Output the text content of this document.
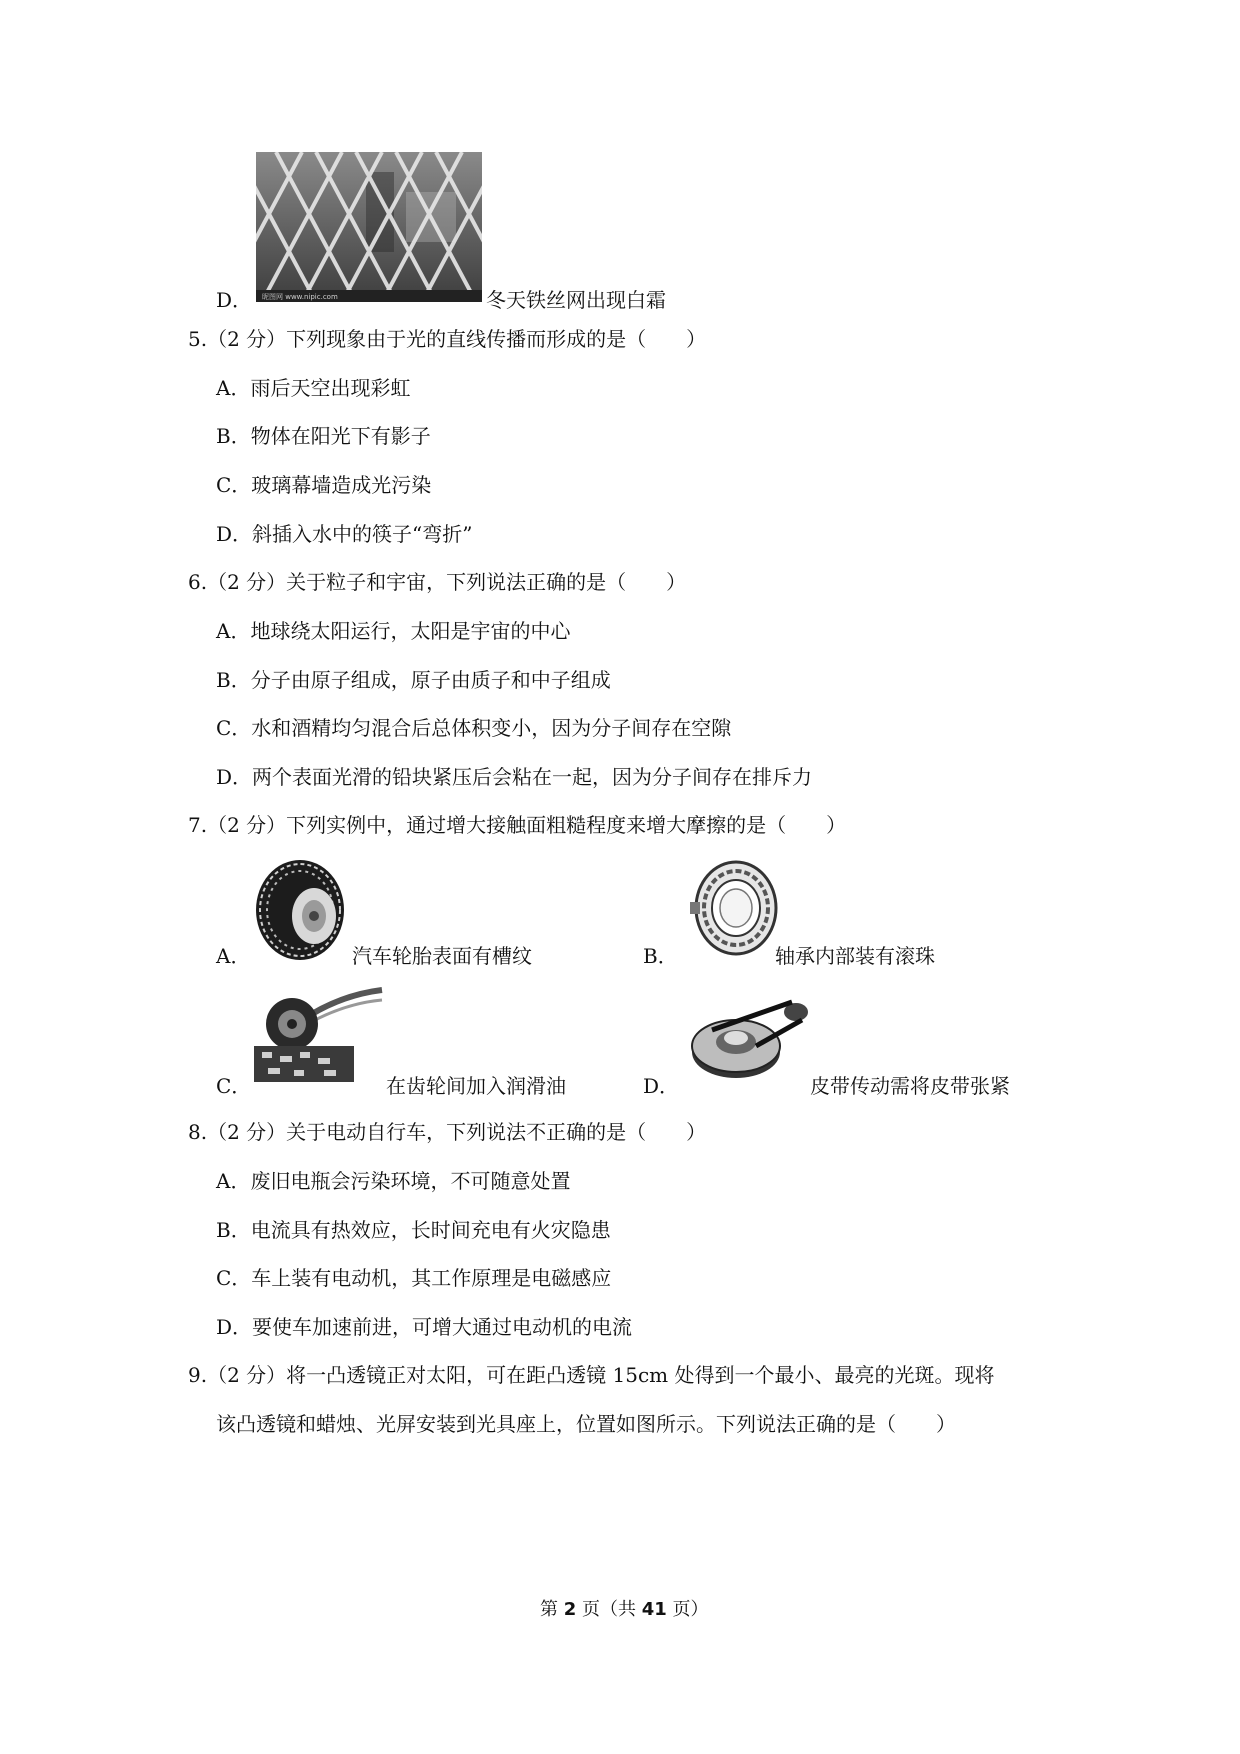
昵图网 www.nipic.com
D．	冬天铁丝网出现白霜
5.（2 分）下列现象由于光的直线传播而形成的是（　　）
A．雨后天空出现彩虹
B．物体在阳光下有影子
C．玻璃幕墙造成光污染
D．斜插入水中的筷子“弯折”
6.（2 分）关于粒子和宇宙，下列说法正确的是（　　）
A．地球绕太阳运行，太阳是宇宙的中心
B．分子由原子组成，原子由质子和中子组成
C．水和酒精均匀混合后总体积变小，因为分子间存在空隙
D．两个表面光滑的铅块紧压后会粘在一起，因为分子间存在排斥力
7.（2 分）下列实例中，通过增大接触面粗糙程度来增大摩擦的是（　　）
A．	汽车轮胎表面有槽纹	B．	轴承内部装有滚珠
C．	在齿轮间加入润滑油	D．	皮带传动需将皮带张紧
8.（2 分）关于电动自行车，下列说法不正确的是（　　）
A．废旧电瓶会污染环境，不可随意处置
B．电流具有热效应，长时间充电有火灾隐患
C．车上装有电动机，其工作原理是电磁感应
D．要使车加速前进，可增大通过电动机的电流
9.（2 分）将一凸透镜正对太阳，可在距凸透镜 15cm 处得到一个最小、最亮的光斑。现将
该凸透镜和蜡烛、光屏安装到光具座上，位置如图所示。下列说法正确的是（　　）
第 2 页（共 41 页）
